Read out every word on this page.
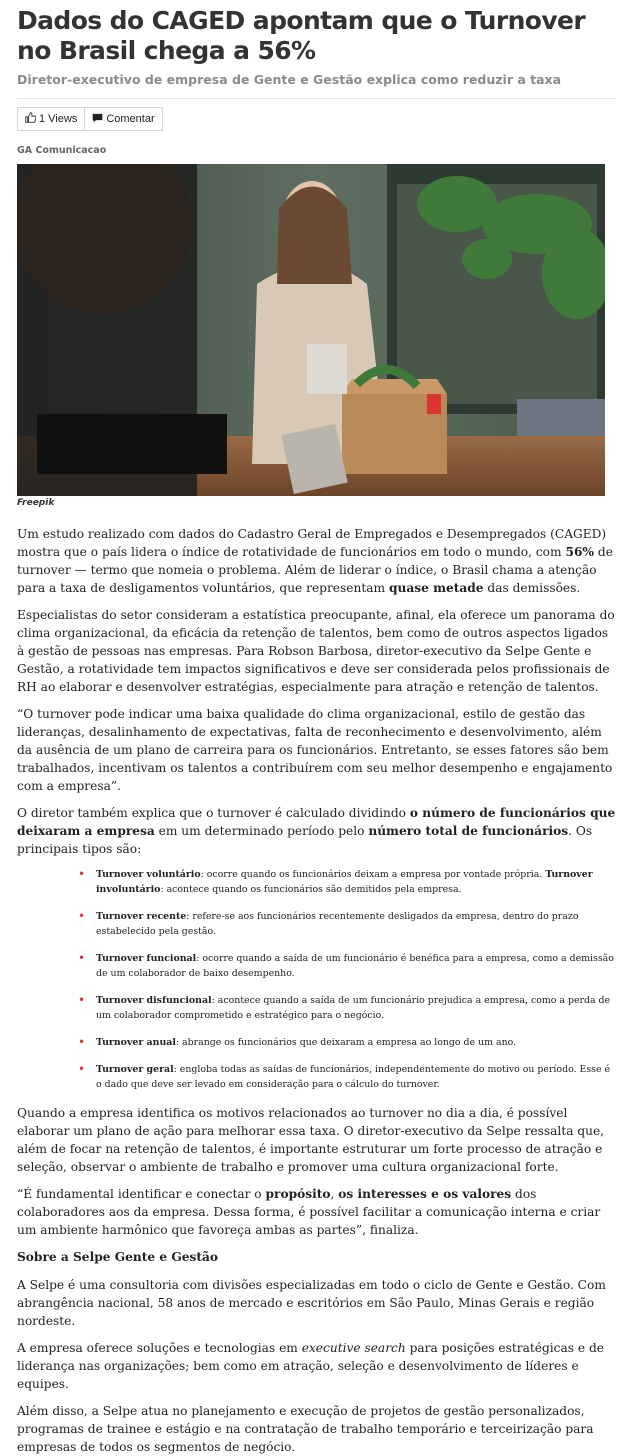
Dados do CAGED apontam que o Turnover no Brasil chega a 56%
Diretor-executivo de empresa de Gente e Gestão explica como reduzir a taxa
1 Views	Comentar
GA Comunicacao
Freepik

Um estudo realizado com dados do Cadastro Geral de Empregados e Desempregados (CAGED) mostra que o país lidera o índice de rotatividade de funcionários em todo o mundo, com 56% de turnover — termo que nomeia o problema. Além de liderar o índice, o Brasil chama a atenção para a taxa de desligamentos voluntários, que representam quase metade das demissões.

Especialistas do setor consideram a estatística preocupante, afinal, ela oferece um panorama do clima organizacional, da eficácia da retenção de talentos, bem como de outros aspectos ligados à gestão de pessoas nas empresas. Para Robson Barbosa, diretor-executivo da Selpe Gente e Gestão, a rotatividade tem impactos significativos e deve ser considerada pelos profissionais de RH ao elaborar e desenvolver estratégias, especialmente para atração e retenção de talentos.

“O turnover pode indicar uma baixa qualidade do clima organizacional, estilo de gestão das lideranças, desalinhamento de expectativas, falta de reconhecimento e desenvolvimento, além da ausência de um plano de carreira para os funcionários. Entretanto, se esses fatores são bem trabalhados, incentivam os talentos a contribuírem com seu melhor desempenho e engajamento com a empresa”.

O diretor também explica que o turnover é calculado dividindo o número de funcionários que deixaram a empresa em um determinado período pelo número total de funcionários. Os principais tipos são:

• Turnover voluntário: ocorre quando os funcionários deixam a empresa por vontade própria. Turnover involuntário: acontece quando os funcionários são demitidos pela empresa.
• Turnover recente: refere-se aos funcionários recentemente desligados da empresa, dentro do prazo estabelecido pela gestão.
• Turnover funcional: ocorre quando a saída de um funcionário é benéfica para a empresa, como a demissão de um colaborador de baixo desempenho.
• Turnover disfuncional: acontece quando a saída de um funcionário prejudica a empresa, como a perda de um colaborador comprometido e estratégico para o negócio.
• Turnover anual: abrange os funcionários que deixaram a empresa ao longo de um ano.
• Turnover geral: engloba todas as saídas de funcionários, independentemente do motivo ou período. Esse é o dado que deve ser levado em consideração para o cálculo do turnover.

Quando a empresa identifica os motivos relacionados ao turnover no dia a dia, é possível elaborar um plano de ação para melhorar essa taxa. O diretor-executivo da Selpe ressalta que, além de focar na retenção de talentos, é importante estruturar um forte processo de atração e seleção, observar o ambiente de trabalho e promover uma cultura organizacional forte.

“É fundamental identificar e conectar o propósito, os interesses e os valores dos colaboradores aos da empresa. Dessa forma, é possível facilitar a comunicação interna e criar um ambiente harmônico que favoreça ambas as partes”, finaliza.

Sobre a Selpe Gente e Gestão

A Selpe é uma consultoria com divisões especializadas em todo o ciclo de Gente e Gestão. Com abrangência nacional, 58 anos de mercado e escritórios em São Paulo, Minas Gerais e região nordeste.

A empresa oferece soluções e tecnologias em executive search para posições estratégicas e de liderança nas organizações; bem como em atração, seleção e desenvolvimento de líderes e equipes.

Além disso, a Selpe atua no planejamento e execução de projetos de gestão personalizados, programas de trainee e estágio e na contratação de trabalho temporário e terceirização para empresas de todos os segmentos de negócio.
